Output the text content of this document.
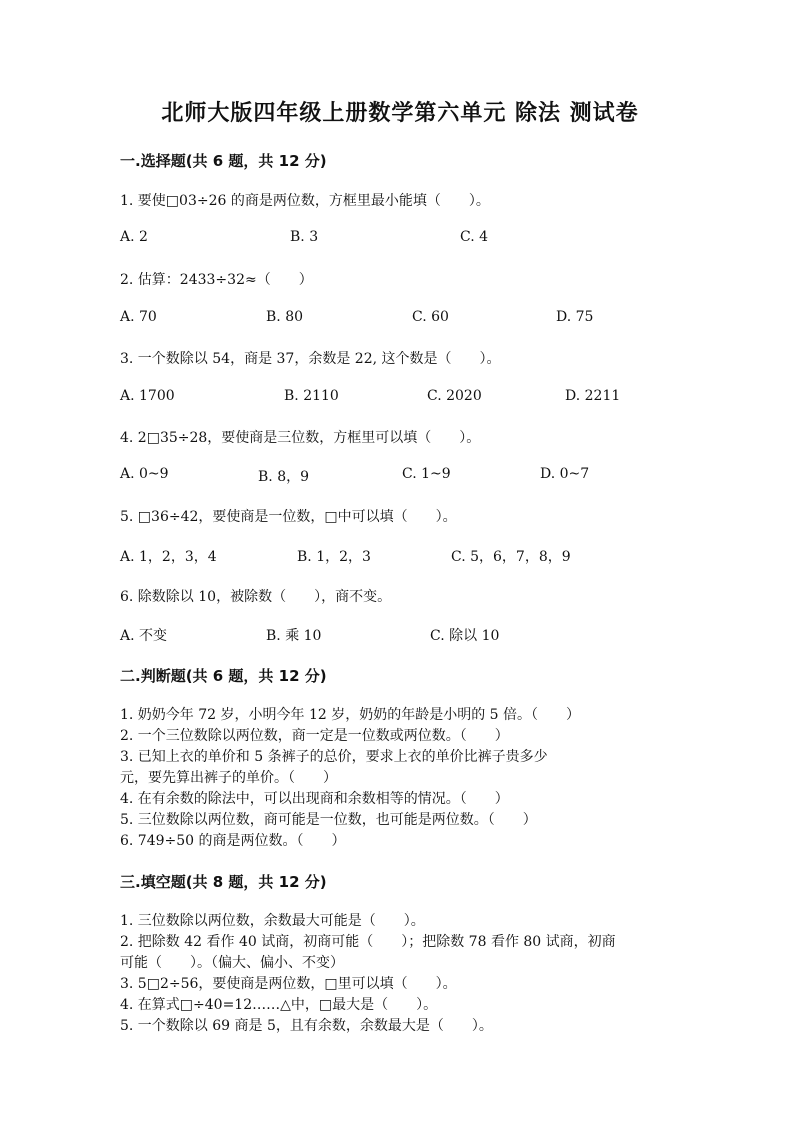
北师大版四年级上册数学第六单元 除法 测试卷
一.选择题(共 6 题，共 12 分)
1. 要使□03÷26 的商是两位数，方框里最小能填（　　）。
A. 2	B. 3	C. 4
2. 估算：2433÷32≈（　　）
A. 70	B. 80	C. 60	D. 75
3. 一个数除以 54，商是 37，余数是 22, 这个数是（　　）。
A. 1700	B. 2110	C. 2020	D. 2211
4. 2□35÷28，要使商是三位数，方框里可以填（　　）。
A. 0~9	B. 8，9	C. 1~9	D. 0~7
5. □36÷42，要使商是一位数，□中可以填（　　）。
A. 1，2，3，4	B. 1，2，3	C. 5，6，7，8，9
6. 除数除以 10，被除数（　　），商不变。
A. 不变	B. 乘 10	C. 除以 10
二.判断题(共 6 题，共 12 分)
1. 奶奶今年 72 岁，小明今年 12 岁，奶奶的年龄是小明的 5 倍。（　　）
2. 一个三位数除以两位数，商一定是一位数或两位数。（　　）
3. 已知上衣的单价和 5 条裤子的总价，要求上衣的单价比裤子贵多少
元，要先算出裤子的单价。（　　）
4. 在有余数的除法中，可以出现商和余数相等的情况。（　　）
5. 三位数除以两位数，商可能是一位数，也可能是两位数。（　　）
6. 749÷50 的商是两位数。（　　）
三.填空题(共 8 题，共 12 分)
1. 三位数除以两位数，余数最大可能是（　　）。
2. 把除数 42 看作 40 试商，初商可能（　　）；把除数 78 看作 80 试商，初商
可能（　　）。（偏大、偏小、不变）
3. 5□2÷56，要使商是两位数，□里可以填（　　）。
4. 在算式□÷40=12……△中，□最大是（　　）。
5. 一个数除以 69 商是 5，且有余数，余数最大是（　　）。
